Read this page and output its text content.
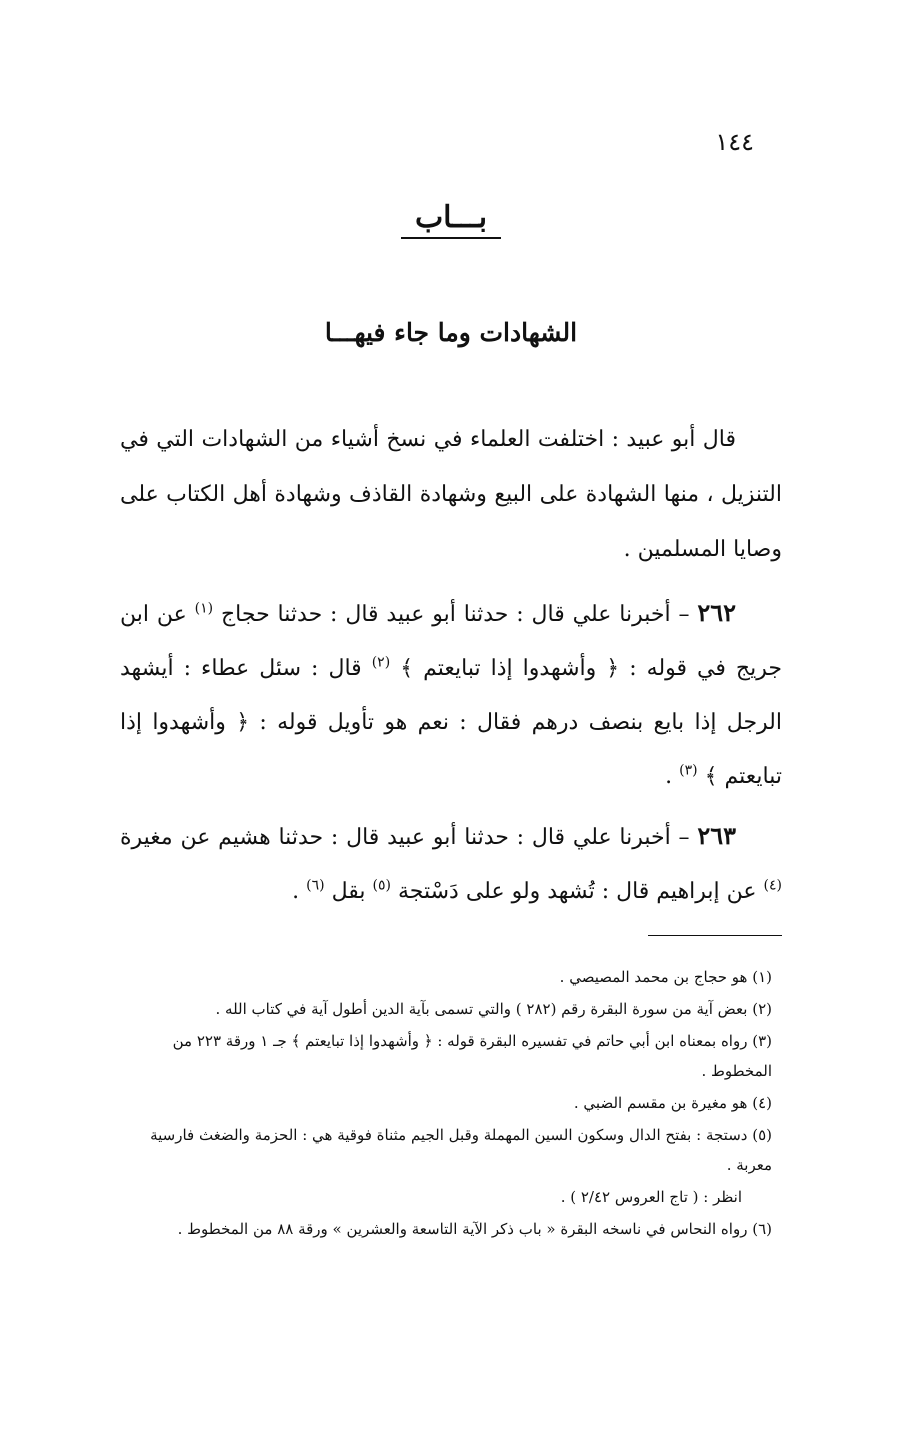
١٤٤
بـــاب
الشهادات وما جاء فيهـــا

قال أبو عبيد : اختلفت العلماء في نسخ أشياء من الشهادات التي في التنزيل ، منها الشهادة على البيع وشهادة القاذف وشهادة أهل الكتاب على وصايا المسلمين .

٢٦٢ – أخبرنا علي قال : حدثنا أبو عبيد قال : حدثنا حجاج $^{(١)}$ عن ابن جريج في قوله : ﴿ وأشهدوا إذا تبايعتم ﴾ $^{(٢)}$ قال : سئل عطاء : أيشهد الرجل إذا بايع بنصف درهم فقال : نعم هو تأويل قوله : ﴿ وأشهدوا إذا تبايعتم ﴾ $^{(٣)}$ .

٢٦٣ – أخبرنا علي قال : حدثنا أبو عبيد قال : حدثنا هشيم عن مغيرة $^{(٤)}$ عن إبراهيم قال : تُشهد ولو على دَسْتجة $^{(٥)}$ بقل $^{(٦)}$ .

(١) هو حجاج بن محمد المصيصي .
(٢) بعض آية من سورة البقرة رقم (٢٨٢ ) والتي تسمى بآية الدين أطول آية في كتاب الله .
(٣) رواه بمعناه ابن أبي حاتم في تفسيره البقرة قوله : ﴿ وأشهدوا إذا تبايعتم ﴾ جـ ١ ورقة ٢٢٣ من المخطوط .
(٤) هو مغيرة بن مقسم الضبي .
(٥) دستجة : بفتح الدال وسكون السين المهملة وقبل الجيم مثناة فوقية هي : الحزمة والضغث فارسية معربة .
انظر : ( تاج العروس ٢/٤٢ ) .
(٦) رواه النحاس في ناسخه البقرة « باب ذكر الآية التاسعة والعشرين » ورقة ٨٨ من المخطوط .
